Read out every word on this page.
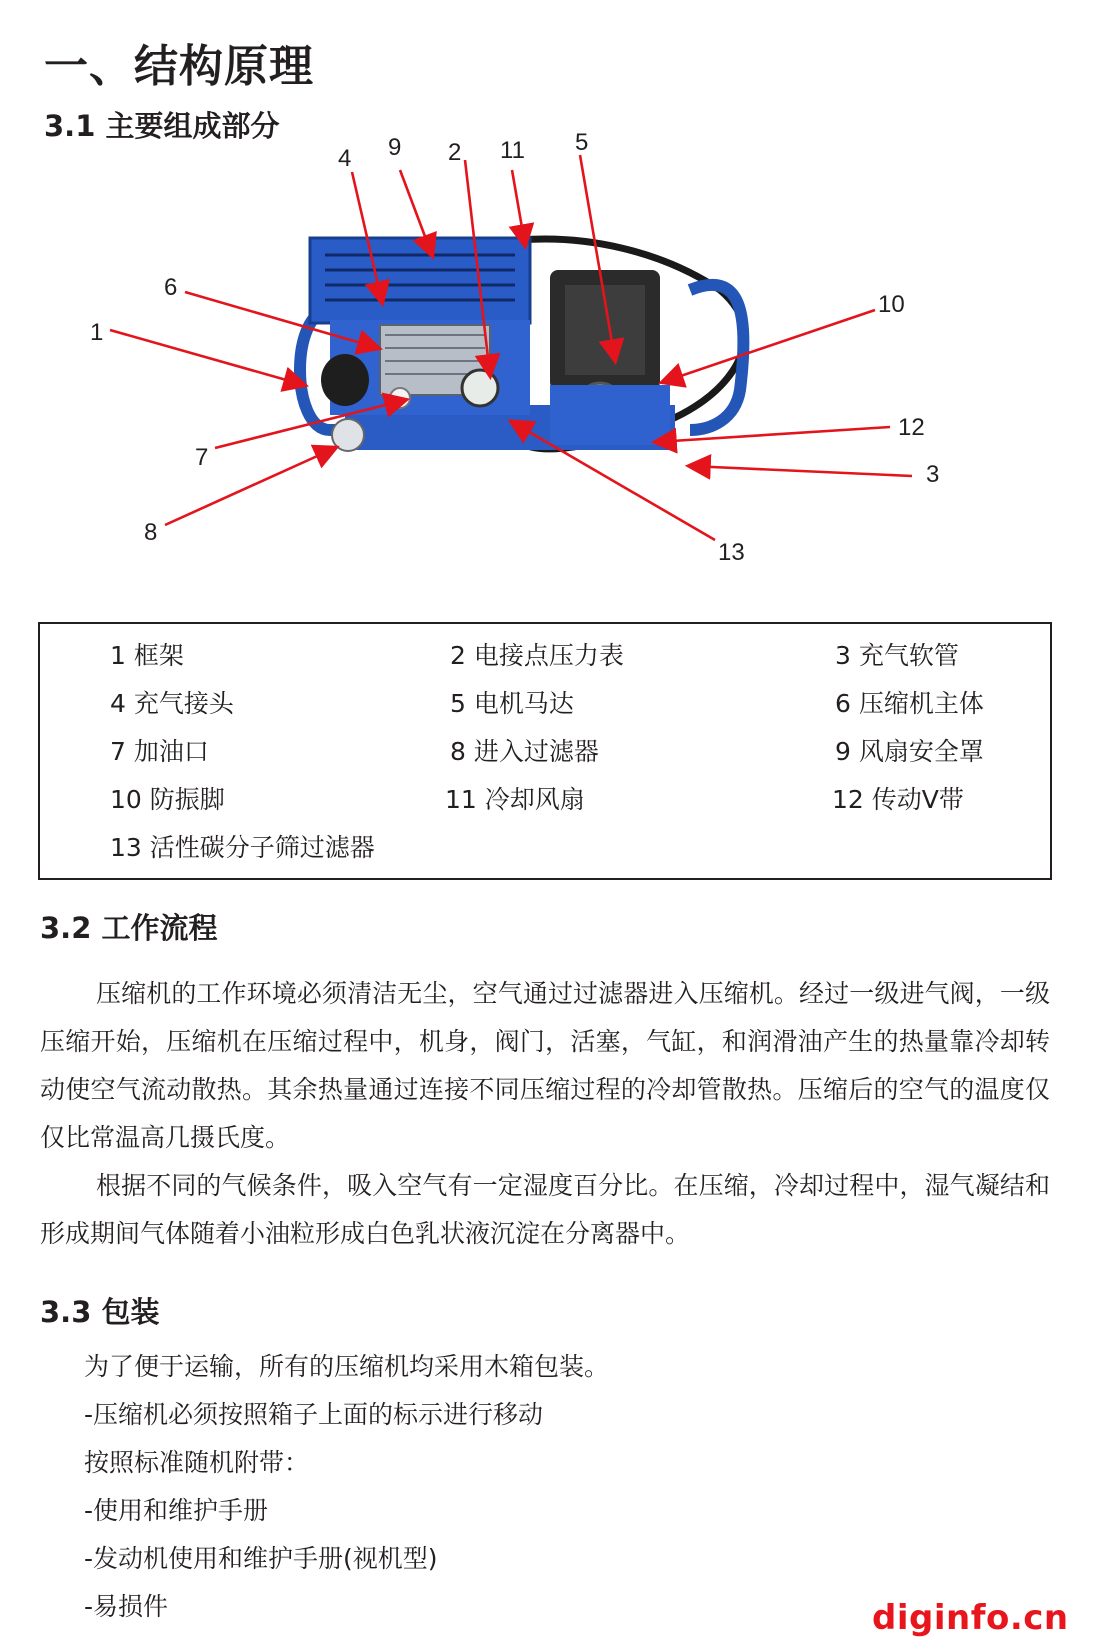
一、结构原理
3.1 主要组成部分
1
2
3
4
5
6
7
8
9
10
11
12
13
1 框架	2 电接点压力表	3 充气软管
4 充气接头	5 电机马达	6 压缩机主体
7 加油口	8 进入过滤器	9 风扇安全罩
10 防振脚	11 冷却风扇	12 传动V带
13 活性碳分子筛过滤器
3.2 工作流程

压缩机的工作环境必须清洁无尘，空气通过过滤器进入压缩机。经过一级进气阀，一级压缩开始，压缩机在压缩过程中，机身，阀门，活塞，气缸，和润滑油产生的热量靠冷却转动使空气流动散热。其余热量通过连接不同压缩过程的冷却管散热。压缩后的空气的温度仅仅比常温高几摄氏度。

根据不同的气候条件，吸入空气有一定湿度百分比。在压缩，冷却过程中，湿气凝结和形成期间气体随着小油粒形成白色乳状液沉淀在分离器中。

3.3 包装
为了便于运输，所有的压缩机均采用木箱包装。
-压缩机必须按照箱子上面的标示进行移动
按照标准随机附带：
-使用和维护手册
-发动机使用和维护手册(视机型)
-易损件	diginfo.cn
